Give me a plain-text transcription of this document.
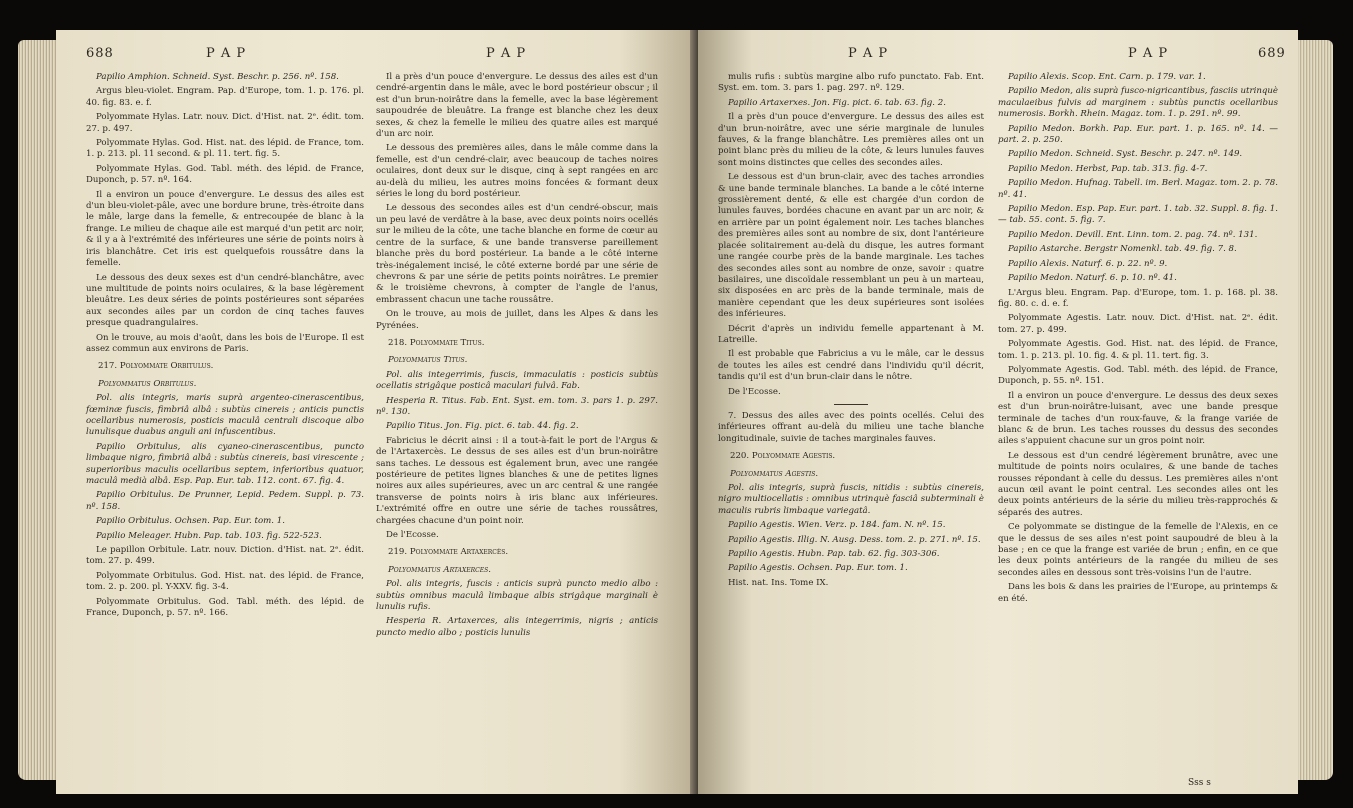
688	P A P	P A P

Papilio Amphion. Schneid. Syst. Beschr. p. 256. nº. 158.

Argus bleu-violet. Engram. Pap. d'Europe, tom. 1. p. 176. pl. 40. fig. 83. e. f.

Polyommate Hylas. Latr. nouv. Dict. d'Hist. nat. 2ᵉ. édit. tom. 27. p. 497.

Polyommate Hylas. God. Hist. nat. des lépid. de France, tom. 1. p. 213. pl. 11 second. & pl. 11. tert. fig. 5.

Polyommate Hylas. God. Tabl. méth. des lépid. de France, Duponch, p. 57. nº. 164.

Il a environ un pouce d'envergure. Le dessus des ailes est d'un bleu-violet-pâle, avec une bordure brune, très-étroite dans le mâle, large dans la femelle, & entrecoupée de blanc à la frange. Le milieu de chaque aile est marqué d'un petit arc noir, & il y a à l'extrémité des inférieures une série de points noirs à iris blanchâtre. Cet iris est quelquefois roussâtre dans la femelle.

Le dessous des deux sexes est d'un cendré-blanchâtre, avec une multitude de points noirs oculaires, & la base légèrement bleuâtre. Les deux séries de points postérieures sont séparées aux secondes ailes par un cordon de cinq taches fauves presque quadrangulaires.

On le trouve, au mois d'août, dans les bois de l'Europe. Il est assez commun aux environs de Paris.

217. Polyommate Orbitulus.

Polyommatus Orbitulus.

Pol. alis integris, maris suprà argenteo-cinerascentibus, fœminæ fuscis, fimbriâ albâ : subtùs cinereis ; anticis punctis ocellaribus numerosis, posticis maculâ centrali discoque albo lunulisque duabus anguli ani infuscentibus.

Papilio Orbitulus, alis cyaneo-cinerascentibus, puncto limbaque nigro, fimbriâ albâ : subtùs cinereis, basi virescente ; superioribus maculis ocellaribus septem, inferioribus quatuor, maculâ medià albâ. Esp. Pap. Eur. tab. 112. cont. 67. fig. 4.

Papilio Orbitulus. De Prunner, Lepid. Pedem. Suppl. p. 73. nº. 158.

Papilio Orbitulus. Ochsen. Pap. Eur. tom. 1.

Papilio Meleager. Hubn. Pap. tab. 103. fig. 522-523.

Le papillon Orbitule. Latr. nouv. Diction. d'Hist. nat. 2ᵉ. édit. tom. 27. p. 499.

Polyommate Orbitulus. God. Hist. nat. des lépid. de France, tom. 2. p. 200. pl. Y-XXV. fig. 3-4.

Polyommate Orbitulus. God. Tabl. méth. des lépid. de France, Duponch, p. 57. nº. 166.

Il a près d'un pouce d'envergure. Le dessus des ailes est d'un cendré-argentin dans le mâle, avec le bord postérieur obscur ; il est d'un brun-noirâtre dans la femelle, avec la base légèrement saupoudrée de bleuâtre. La frange est blanche chez les deux sexes, & chez la femelle le milieu des quatre ailes est marqué d'un arc noir.

Le dessous des premières ailes, dans le mâle comme dans la femelle, est d'un cendré-clair, avec beaucoup de taches noires oculaires, dont deux sur le disque, cinq à sept rangées en arc au-delà du milieu, les autres moins foncées & formant deux séries le long du bord postérieur.

Le dessous des secondes ailes est d'un cendré-obscur, mais un peu lavé de verdâtre à la base, avec deux points noirs ocellés sur le milieu de la côte, une tache blanche en forme de cœur au centre de la surface, & une bande transverse pareillement blanche près du bord postérieur. La bande a le côté interne très-inégalement incisé, le côté externe bordé par une série de chevrons & par une série de petits points noirâtres. Le premier & le troisième chevrons, à compter de l'angle de l'anus, embrassent chacun une tache roussâtre.

On le trouve, au mois de juillet, dans les Alpes & dans les Pyrénées.

218. Polyommate Titus.

Polyommatus Titus.

Pol. alis integerrimis, fuscis, immaculatis : posticis subtùs ocellatis strigâque posticâ maculari fulvâ. Fab.

Hesperia R. Titus. Fab. Ent. Syst. em. tom. 3. pars 1. p. 297. nº. 130.

Papilio Titus. Jon. Fig. pict. 6. tab. 44. fig. 2.

Fabricius le décrit ainsi : il a tout-à-fait le port de l'Argus & de l'Artaxercès. Le dessus de ses ailes est d'un brun-noirâtre sans taches. Le dessous est également brun, avec une rangée postérieure de petites lignes blanches & une de petites lignes noires aux ailes supérieures, avec un arc central & une rangée transverse de points noirs à iris blanc aux inférieures. L'extrémité offre en outre une série de taches roussâtres, chargées chacune d'un point noir.

De l'Ecosse.

219. Polyommate Artaxercès.

Polyommatus Artaxerces.

Pol. alis integris, fuscis : anticis suprà puncto medio albo : subtùs omnibus maculâ limbaque albis strigâque marginali è lunulis rufis.

Hesperia R. Artaxerces, alis integerrimis, nigris ; anticis puncto medio albo ; posticis lunulis

P A P	P A P	689

mulis rufis : subtùs margine albo rufo punctato. Fab. Ent. Syst. em. tom. 3. pars 1. pag. 297. nº. 129.

Papilio Artaxerxes. Jon. Fig. pict. 6. tab. 63. fig. 2.

Il a près d'un pouce d'envergure. Le dessus des ailes est d'un brun-noirâtre, avec une série marginale de lunules fauves, & la frange blanchâtre. Les premières ailes ont un point blanc près du milieu de la côte, & leurs lunules fauves sont moins distinctes que celles des secondes ailes.

Le dessous est d'un brun-clair, avec des taches arrondies & une bande terminale blanches. La bande a le côté interne grossièrement denté, & elle est chargée d'un cordon de lunules fauves, bordées chacune en avant par un arc noir, & en arrière par un point également noir. Les taches blanches des premières ailes sont au nombre de six, dont l'antérieure placée solitairement au-delà du disque, les autres formant une rangée courbe près de la bande marginale. Les taches des secondes ailes sont au nombre de onze, savoir : quatre basilaires, une discoïdale ressemblant un peu à un marteau, six disposées en arc près de la bande terminale, mais de manière cependant que les deux supérieures sont isolées des inférieures.

Décrit d'après un individu femelle appartenant à M. Latreille.

Il est probable que Fabricius a vu le mâle, car le dessus de toutes les ailes est cendré dans l'individu qu'il décrit, tandis qu'il est d'un brun-clair dans le nôtre.

De l'Ecosse.

7. Dessus des ailes avec des points ocellés. Celui des inférieures offrant au-delà du milieu une tache blanche longitudinale, suivie de taches marginales fauves.

220. Polyommate Agestis.

Polyommatus Agestis.

Pol. alis integris, suprà fuscis, nitidis : subtùs cinereis, nigro multiocellatis : omnibus utrinquè fasciâ subterminali è maculis rubris limbaque variegatâ.

Papilio Agestis. Wien. Verz. p. 184. fam. N. nº. 15.

Papilio Agestis. Illig. N. Ausg. Dess. tom. 2. p. 271. nº. 15.

Papilio Agestis. Hubn. Pap. tab. 62. fig. 303-306.

Papilio Agestis. Ochsen. Pap. Eur. tom. 1.

Hist. nat. Ins. Tome IX.

Papilio Alexis. Scop. Ent. Carn. p. 179. var. 1.

Papilio Medon, alis suprà fusco-nigricantibus, fasciis utrinquè maculaeibus fulvis ad marginem : subtùs punctis ocellaribus numerosis. Borkh. Rhein. Magaz. tom. 1. p. 291. nº. 99.

Papilio Medon. Borkh. Pap. Eur. part. 1. p. 165. nº. 14. — part. 2. p. 250.

Papilio Medon. Schneid. Syst. Beschr. p. 247. nº. 149.

Papilio Medon. Herbst, Pap. tab. 313. fig. 4-7.

Papilio Medon. Hufnag. Tabell. im. Berl. Magaz. tom. 2. p. 78. nº. 41.

Papilio Medon. Esp. Pap. Eur. part. 1. tab. 32. Suppl. 8. fig. 1. — tab. 55. cont. 5. fig. 7.

Papilio Medon. Devill. Ent. Linn. tom. 2. pag. 74. nº. 131.

Papilio Astarche. Bergstr Nomenkl. tab. 49. fig. 7. 8.

Papilio Alexis. Naturf. 6. p. 22. nº. 9.

Papilio Medon. Naturf. 6. p. 10. nº. 41.

L'Argus bleu. Engram. Pap. d'Europe, tom. 1. p. 168. pl. 38. fig. 80. c. d. e. f.

Polyommate Agestis. Latr. nouv. Dict. d'Hist. nat. 2ᵉ. édit. tom. 27. p. 499.

Polyommate Agestis. God. Hist. nat. des lépid. de France, tom. 1. p. 213. pl. 10. fig. 4. & pl. 11. tert. fig. 3.

Polyommate Agestis. God. Tabl. méth. des lépid. de France, Duponch, p. 55. nº. 151.

Il a environ un pouce d'envergure. Le dessus des deux sexes est d'un brun-noirâtre-luisant, avec une bande presque terminale de taches d'un roux-fauve, & la frange variée de blanc & de brun. Les taches rousses du dessus des secondes ailes s'appuient chacune sur un gros point noir.

Le dessous est d'un cendré légèrement brunâtre, avec une multitude de points noirs oculaires, & une bande de taches rousses répondant à celle du dessus. Les premières ailes n'ont aucun œil avant le point central. Les secondes ailes ont les deux points antérieurs de la série du milieu très-rapprochés & séparés des autres.

Ce polyommate se distingue de la femelle de l'Alexis, en ce que le dessus de ses ailes n'est point saupoudré de bleu à la base ; en ce que la frange est variée de brun ; enfin, en ce que les deux points antérieurs de la rangée du milieu de ses secondes ailes en dessous sont très-voisins l'un de l'autre.

Dans les bois & dans les prairies de l'Europe, au printemps & en été.

Sss s
